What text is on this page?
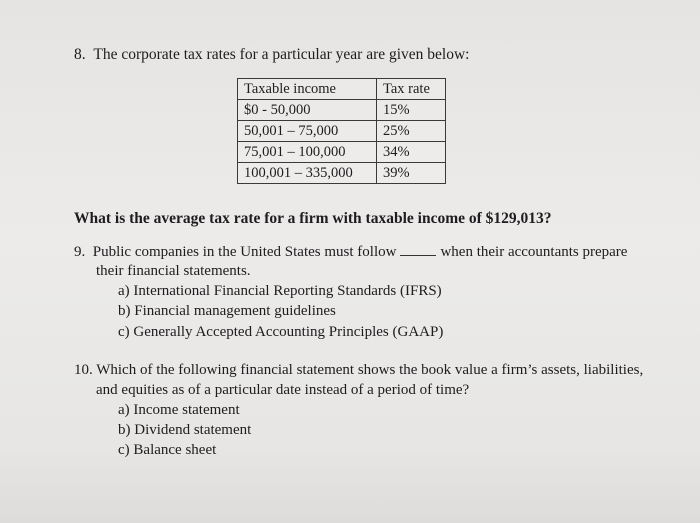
8. The corporate tax rates for a particular year are given below:
Taxable income	Tax rate
$0 - 50,000	15%
50,001 – 75,000	25%
75,001 – 100,000	34%
100,001 – 335,000	39%
What is the average tax rate for a firm with taxable income of $129,013?
9. Public companies in the United States must follow	when their accountants prepare
their financial statements.
a) International Financial Reporting Standards (IFRS)
b) Financial management guidelines
c) Generally Accepted Accounting Principles (GAAP)
10. Which of the following financial statement shows the book value a firm’s assets, liabilities,
and equities as of a particular date instead of a period of time?
a) Income statement
b) Dividend statement
c) Balance sheet
